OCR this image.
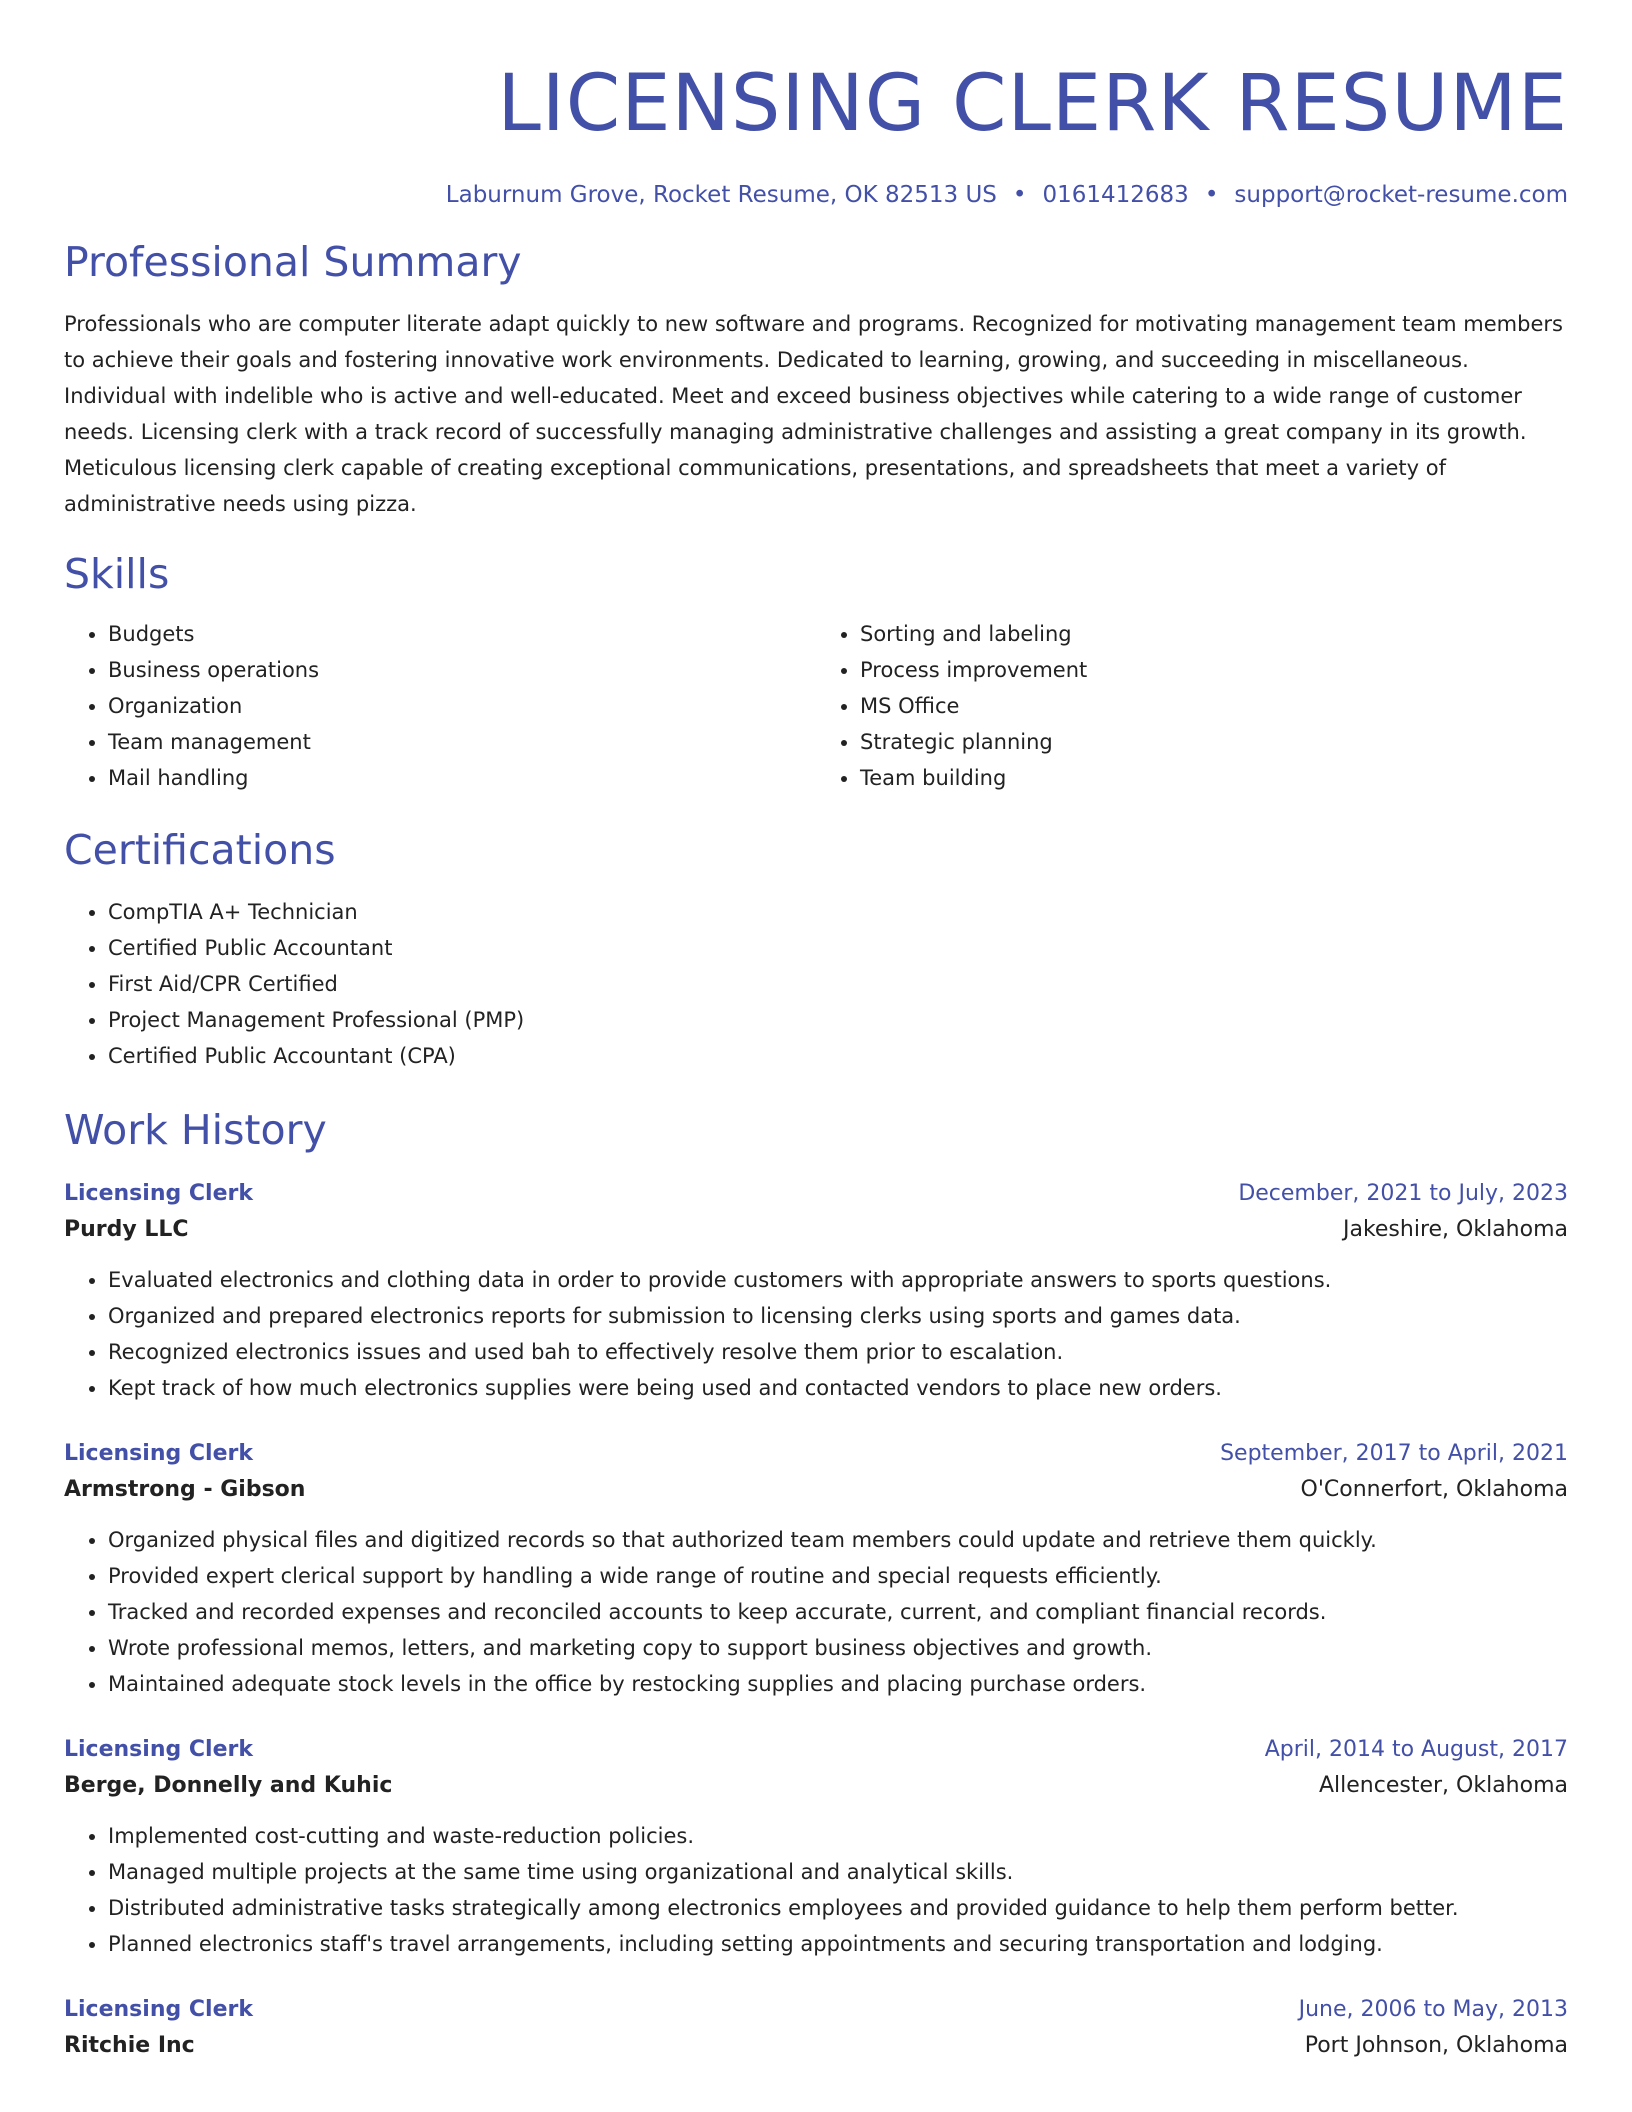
LICENSING CLERK RESUME
Laburnum Grove, Rocket Resume, OK 82513 US • 0161412683 • support@rocket-resume.com
Professional Summary

Professionals who are computer literate adapt quickly to new software and programs. Recognized for motivating management team members to achieve their goals and fostering innovative work environments. Dedicated to learning, growing, and succeeding in miscellaneous. Individual with indelible who is active and well-educated. Meet and exceed business objectives while catering to a wide range of customer needs. Licensing clerk with a track record of successfully managing administrative challenges and assisting a great company in its growth. Meticulous licensing clerk capable of creating exceptional communications, presentations, and spreadsheets that meet a variety of administrative needs using pizza.

Skills
• Budgets
• Business operations
• Organization
• Team management
• Mail handling
• Sorting and labeling
• Process improvement
• MS Office
• Strategic planning
• Team building
Certifications
• CompTIA A+ Technician
• Certified Public Accountant
• First Aid/CPR Certified
• Project Management Professional (PMP)
• Certified Public Accountant (CPA)
Work History
Licensing Clerk	December, 2021 to July, 2023
Purdy LLC	Jakeshire, Oklahoma
• Evaluated electronics and clothing data in order to provide customers with appropriate answers to sports questions.
• Organized and prepared electronics reports for submission to licensing clerks using sports and games data.
• Recognized electronics issues and used bah to effectively resolve them prior to escalation.
• Kept track of how much electronics supplies were being used and contacted vendors to place new orders.
Licensing Clerk	September, 2017 to April, 2021
Armstrong - Gibson	O'Connerfort, Oklahoma
• Organized physical files and digitized records so that authorized team members could update and retrieve them quickly.
• Provided expert clerical support by handling a wide range of routine and special requests efficiently.
• Tracked and recorded expenses and reconciled accounts to keep accurate, current, and compliant financial records.
• Wrote professional memos, letters, and marketing copy to support business objectives and growth.
• Maintained adequate stock levels in the office by restocking supplies and placing purchase orders.
Licensing Clerk	April, 2014 to August, 2017
Berge, Donnelly and Kuhic	Allencester, Oklahoma
• Implemented cost-cutting and waste-reduction policies.
• Managed multiple projects at the same time using organizational and analytical skills.
• Distributed administrative tasks strategically among electronics employees and provided guidance to help them perform better.
• Planned electronics staff's travel arrangements, including setting appointments and securing transportation and lodging.
Licensing Clerk	June, 2006 to May, 2013
Ritchie Inc	Port Johnson, Oklahoma
